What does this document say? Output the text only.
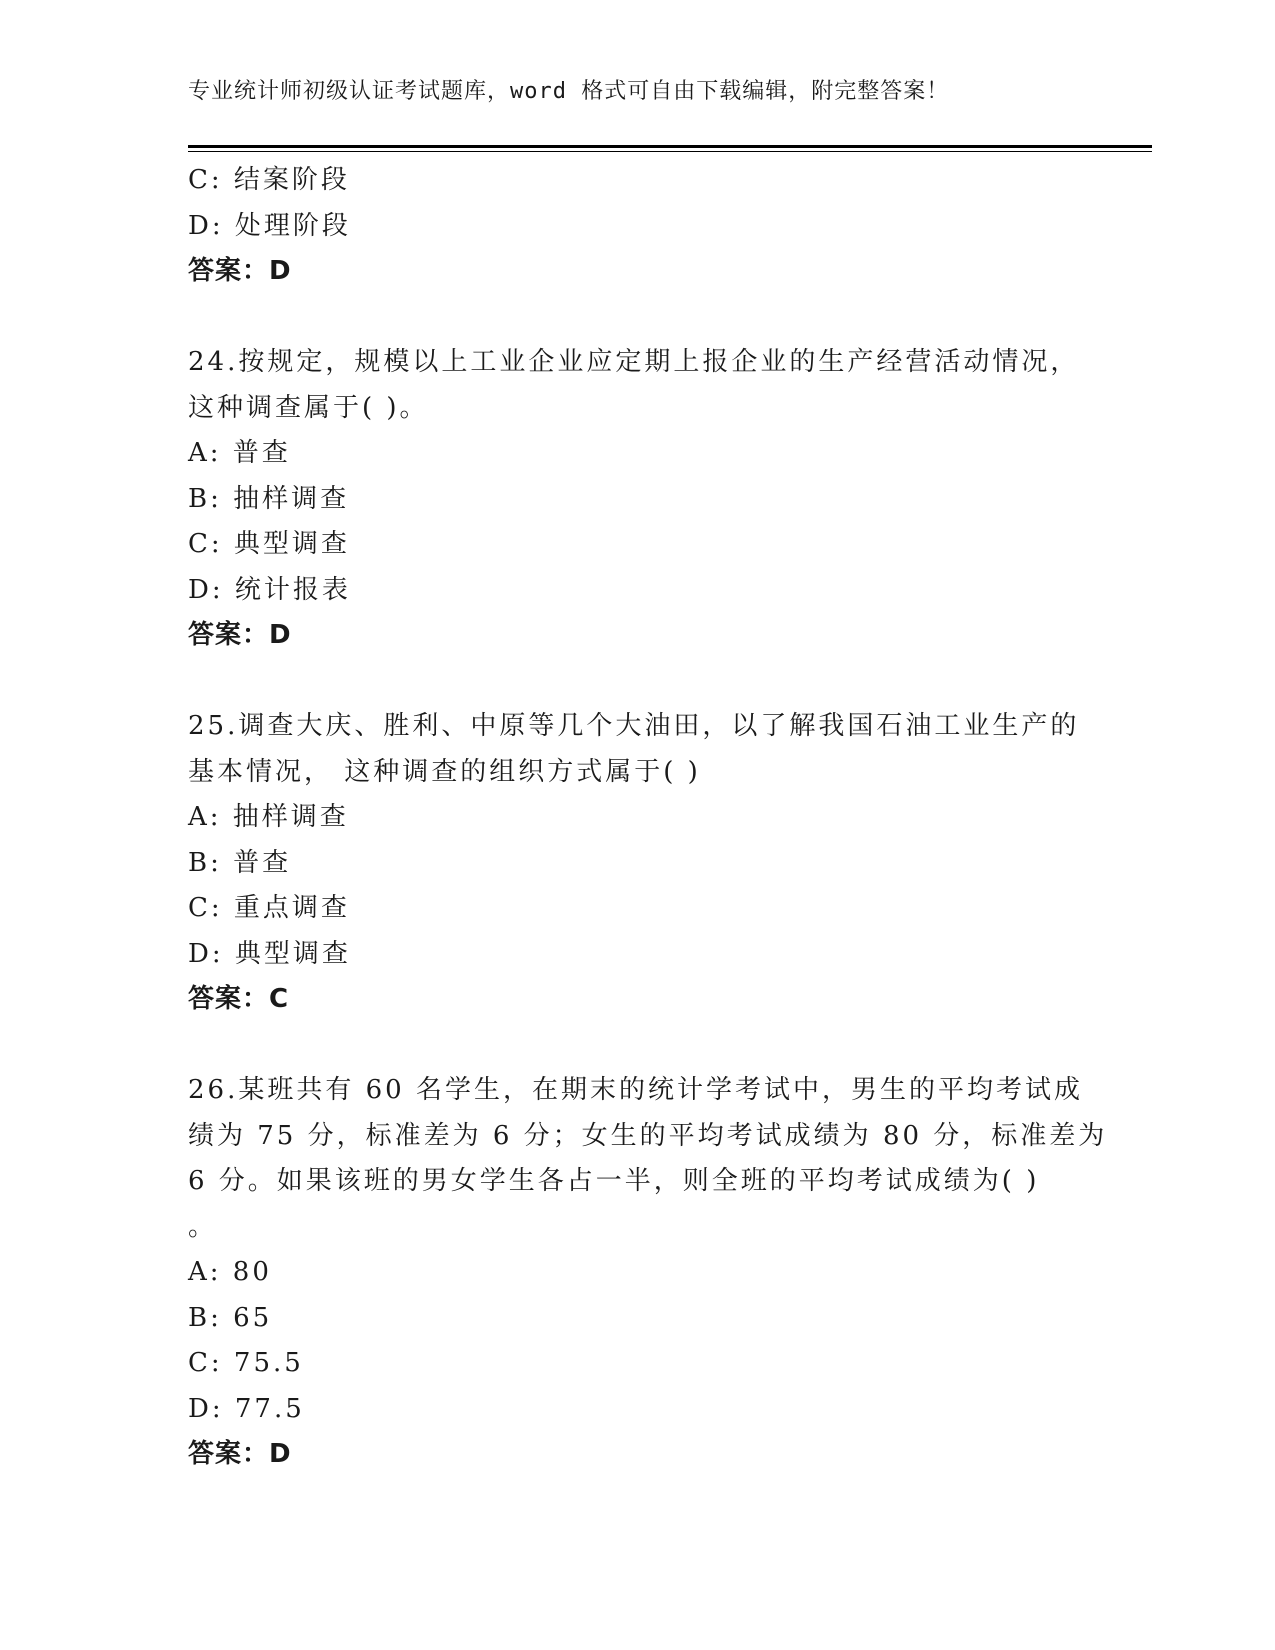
专业统计师初级认证考试题库，word 格式可自由下载编辑，附完整答案！
C: 结案阶段
D: 处理阶段
答案：D
24.按规定，规模以上工业企业应定期上报企业的生产经营活动情况，
这种调查属于( )。
A: 普查
B: 抽样调查
C: 典型调查
D: 统计报表
答案：D
25.调查大庆、胜利、中原等几个大油田，以了解我国石油工业生产的
基本情况， 这种调查的组织方式属于( )
A: 抽样调查
B: 普查
C: 重点调查
D: 典型调查
答案：C
26.某班共有 60 名学生，在期末的统计学考试中，男生的平均考试成
绩为 75 分，标准差为 6 分；女生的平均考试成绩为 80 分，标准差为
6 分。如果该班的男女学生各占一半，则全班的平均考试成绩为( )
。
A: 80
B: 65
C: 75.5
D: 77.5
答案：D
